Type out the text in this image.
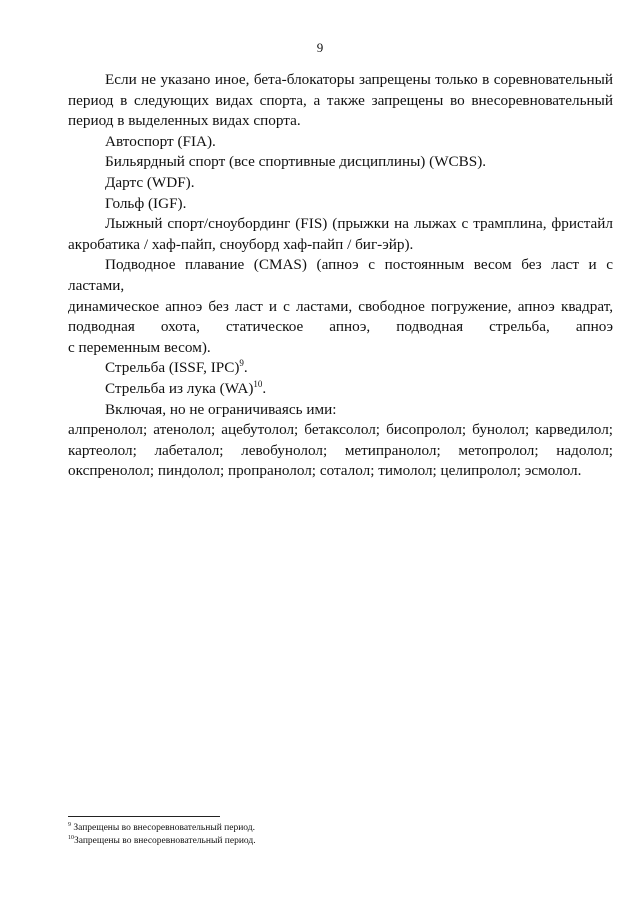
9

Если не указано иное, бета-блокаторы запрещены только в соревновательный период в следующих видах спорта, а также запрещены во внесоревновательный период в выделенных видах спорта.

Автоспорт (FIA).

Бильярдный спорт (все спортивные дисциплины) (WCBS).

Дартс (WDF).

Гольф (IGF).

Лыжный спорт/сноубординг (FIS) (прыжки на лыжах с трамплина, фристайл акробатика / хаф-пайп, сноуборд хаф-пайп / биг-эйр).

Подводное плавание (CMAS) (апноэ с постоянным весом без ласт и с ластами,

динамическое апноэ без ласт и с ластами, свободное погружение, апноэ квадрат,

подводная охота, статическое апноэ, подводная стрельба, апноэ

с переменным весом).

Стрельба (ISSF, IPC)$^9$.

Стрельба из лука (WA)$^{10}$.

Включая, но не ограничиваясь ими:

алпренолол; атенолол; ацебутолол; бетаксолол; бисопролол; бунолол; карведилол; картеолол; лабеталол; левобунолол; метипранолол; метопролол; надолол; окспренолол; пиндолол; пропранолол; соталол; тимолол; целипролол; эсмолол.

$^9$ Запрещены во внесоревновательный период.
$^{10}$Запрещены во внесоревновательный период.
